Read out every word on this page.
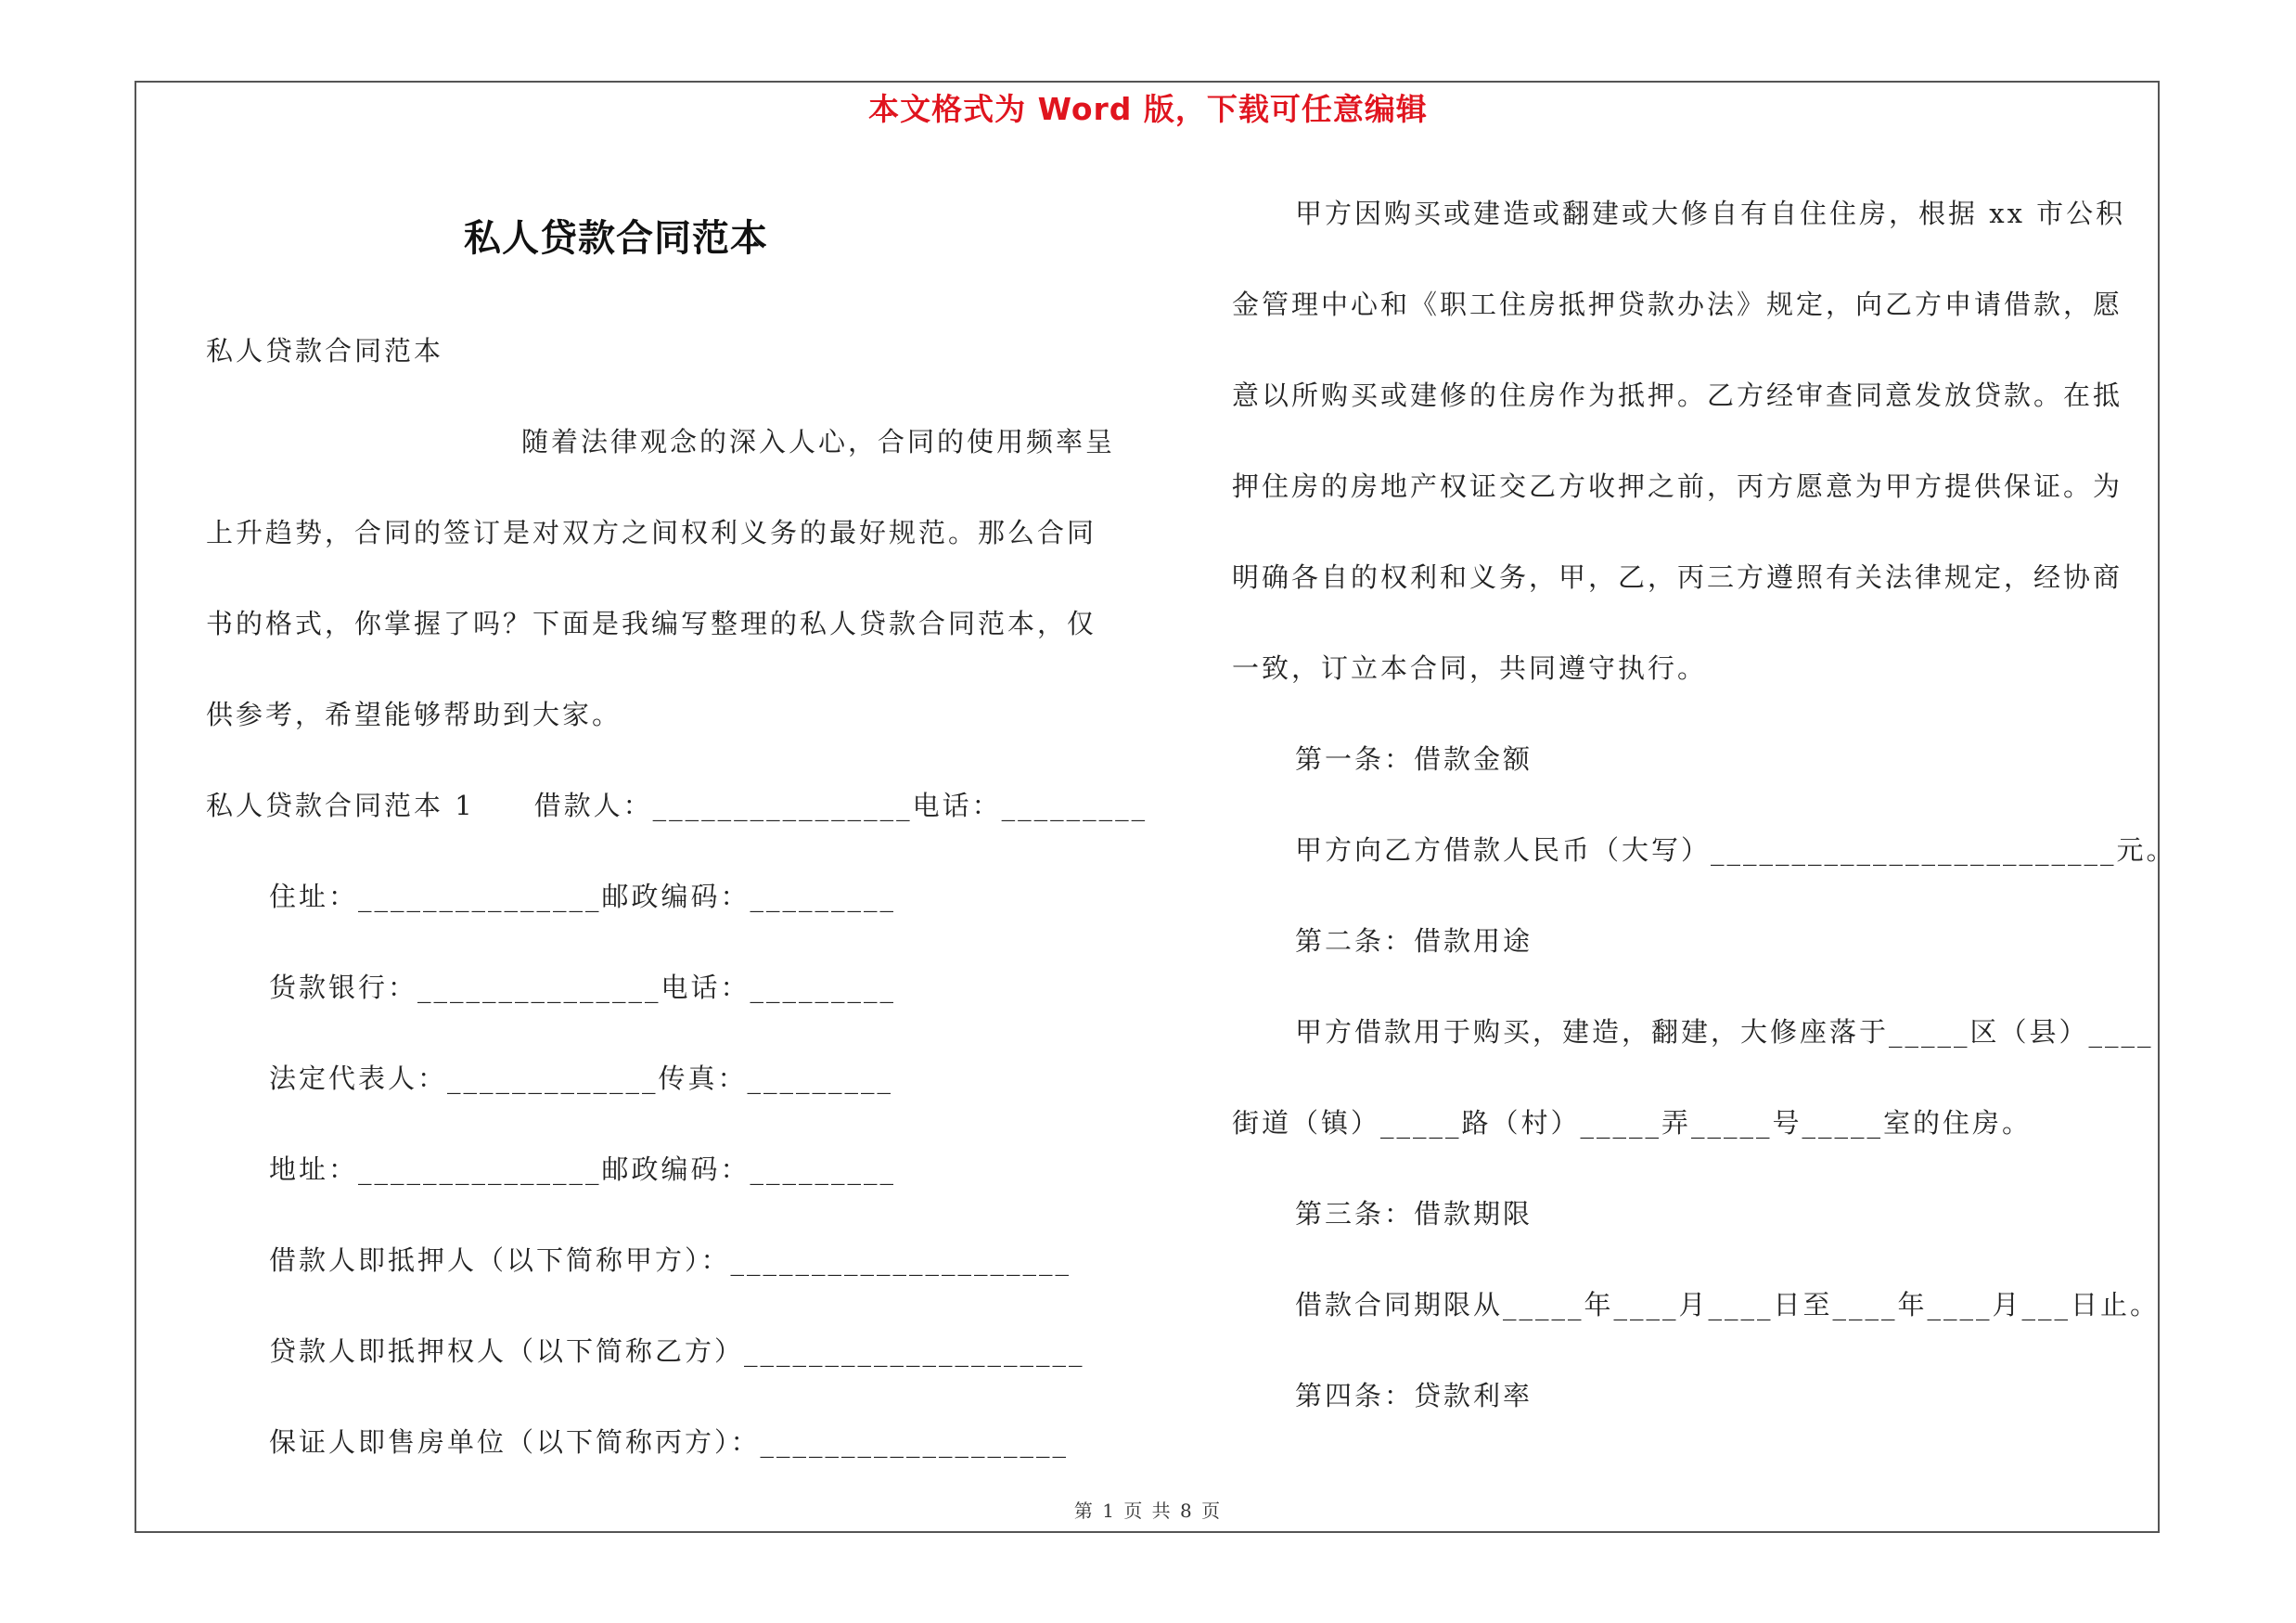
本文格式为 Word 版，下载可任意编辑
私人贷款合同范本
私人贷款合同范本
随着法律观念的深入人心，合同的使用频率呈
上升趋势，合同的签订是对双方之间权利义务的最好规范。那么合同
书的格式，你掌握了吗？下面是我编写整理的私人贷款合同范本，仅
供参考，希望能够帮助到大家。
私人贷款合同范本 1　　借款人：________________电话：_________
住址：_______________邮政编码：_________
货款银行：_______________电话：_________
法定代表人：_____________传真：_________
地址：_______________邮政编码：_________
借款人即抵押人（以下简称甲方）：_____________________
贷款人即抵押权人（以下简称乙方）_____________________
保证人即售房单位（以下简称丙方）：___________________
甲方因购买或建造或翻建或大修自有自住住房，根据 xx 市公积
金管理中心和《职工住房抵押贷款办法》规定，向乙方申请借款，愿
意以所购买或建修的住房作为抵押。乙方经审查同意发放贷款。在抵
押住房的房地产权证交乙方收押之前，丙方愿意为甲方提供保证。为
明确各自的权利和义务，甲，乙，丙三方遵照有关法律规定，经协商
一致，订立本合同，共同遵守执行。
第一条：借款金额
甲方向乙方借款人民币（大写）_________________________元。
第二条：借款用途
甲方借款用于购买，建造，翻建，大修座落于_____区（县）____
街道（镇）_____路（村）_____弄_____号_____室的住房。
第三条：借款期限
借款合同期限从_____年____月____日至____年____月___日止。
第四条：贷款利率
第 1 页 共 8 页
